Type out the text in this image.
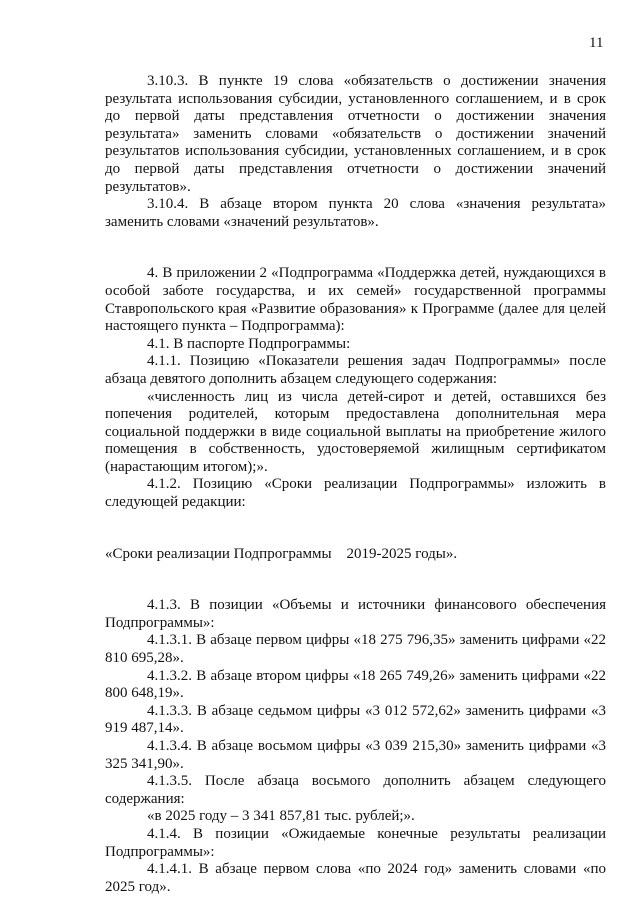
11

3.10.3. В пункте 19 слова «обязательств о достижении значения результата использования субсидии, установленного соглашением, и в срок до первой даты представления отчетности о достижении значения результата» заменить словами «обязательств о достижении значений результатов использования субсидии, установленных соглашением, и в срок до первой даты представления отчетности о достижении значений результатов».

3.10.4. В абзаце втором пункта 20 слова «значения результата» заменить словами «значений результатов».

4. В приложении 2 «Подпрограмма «Поддержка детей, нуждающихся в особой заботе государства, и их семей» государственной программы Ставропольского края «Развитие образования» к Программе (далее для целей настоящего пункта – Подпрограмма):

4.1. В паспорте Подпрограммы:

4.1.1. Позицию «Показатели решения задач Подпрограммы» после абзаца девятого дополнить абзацем следующего содержания:

«численность лиц из числа детей-сирот и детей, оставшихся без попечения родителей, которым предоставлена дополнительная мера социальной поддержки в виде социальной выплаты на приобретение жилого помещения в собственность, удостоверяемой жилищным сертификатом (нарастающим итогом);».

4.1.2. Позицию «Сроки реализации Подпрограммы» изложить в следующей редакции:

«Сроки реализации Подпрограммы    2019-2025 годы».

4.1.3. В позиции «Объемы и источники финансового обеспечения Подпрограммы»:

4.1.3.1. В абзаце первом цифры «18 275 796,35» заменить цифрами «22 810 695,28».

4.1.3.2. В абзаце втором цифры «18 265 749,26» заменить цифрами «22 800 648,19».

4.1.3.3. В абзаце седьмом цифры «3 012 572,62» заменить цифрами «3 919 487,14».

4.1.3.4. В абзаце восьмом цифры «3 039 215,30» заменить цифрами «3 325 341,90».

4.1.3.5. После абзаца восьмого дополнить абзацем следующего содержания:

«в 2025 году – 3 341 857,81 тыс. рублей;».

4.1.4. В позиции «Ожидаемые конечные результаты реализации Подпрограммы»:

4.1.4.1. В абзаце первом слова «по 2024 год» заменить словами «по 2025 год».
